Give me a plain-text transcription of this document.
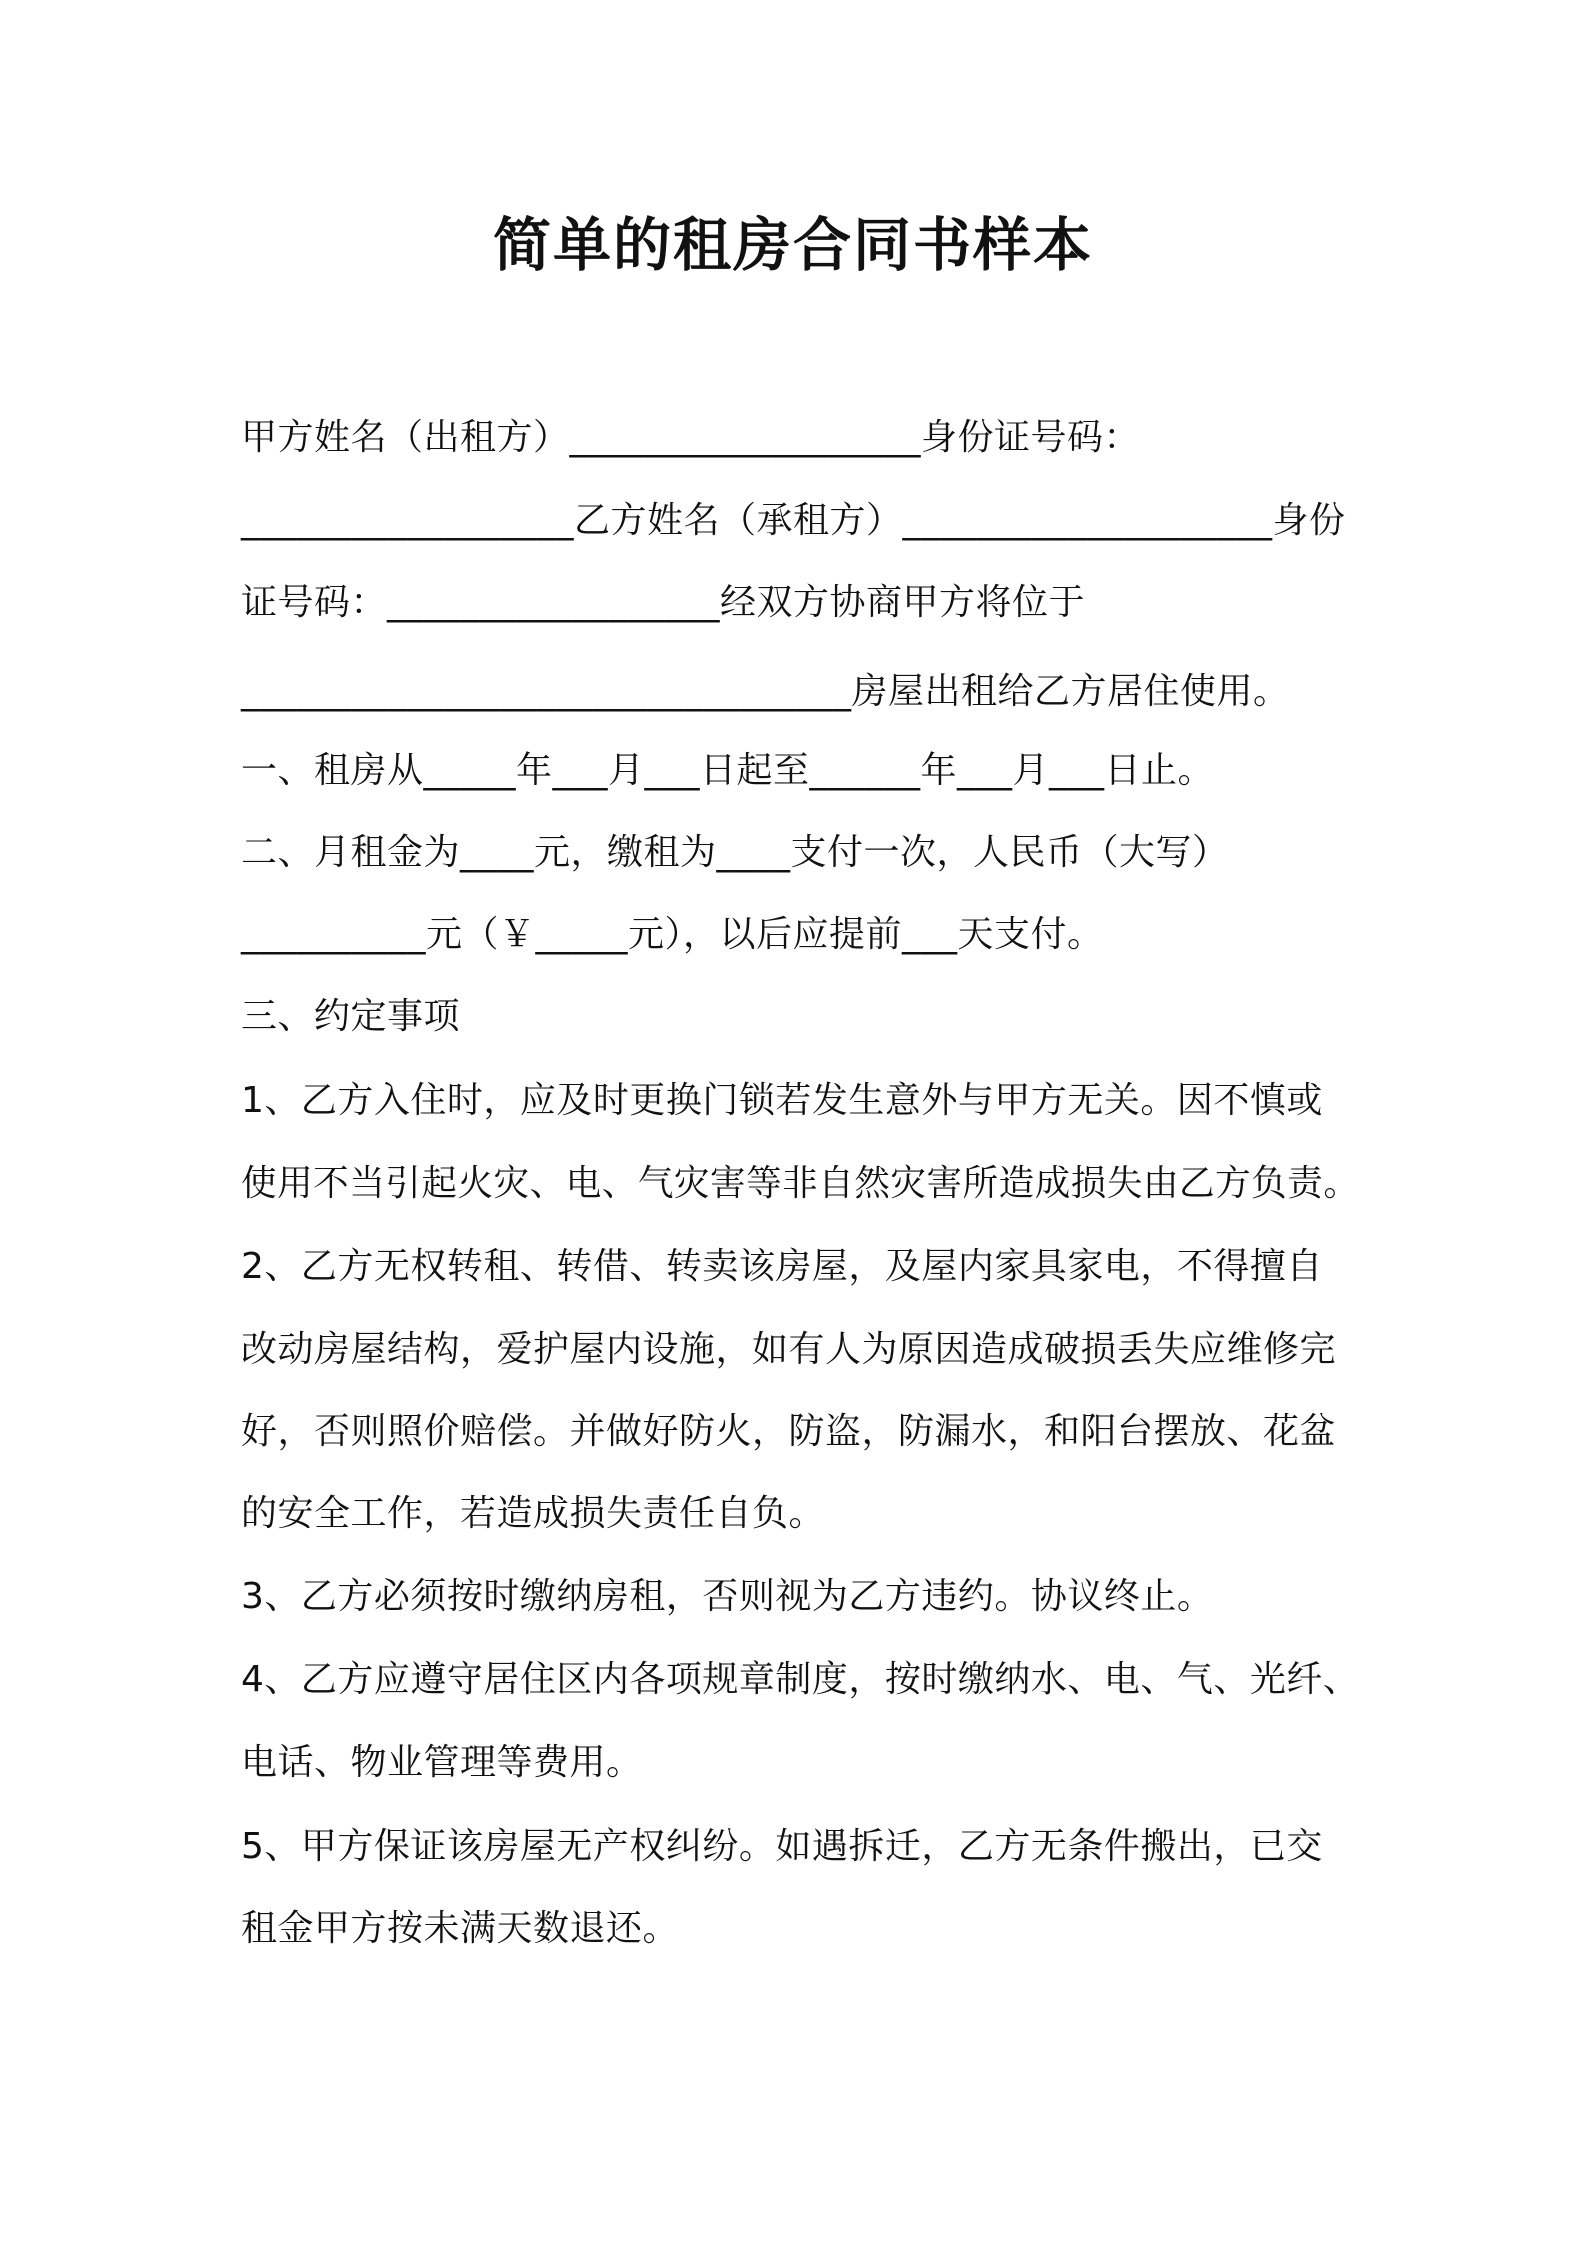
简单的租房合同书样本
甲方姓名（出租方）___________________身份证号码：
__________________乙方姓名（承租方）____________________身份
证号码：__________________经双方协商甲方将位于
_________________________________房屋出租给乙方居住使用。
一、租房从_____年___月___日起至______年___月___日止。
二、月租金为____元，缴租为____支付一次，人民币（大写）
__________元（￥_____元），以后应提前___天支付。
三、约定事项
1、乙方入住时，应及时更换门锁若发生意外与甲方无关。因不慎或
使用不当引起火灾、电、气灾害等非自然灾害所造成损失由乙方负责。
2、乙方无权转租、转借、转卖该房屋，及屋内家具家电，不得擅自
改动房屋结构，爱护屋内设施，如有人为原因造成破损丢失应维修完
好，否则照价赔偿。并做好防火，防盗，防漏水，和阳台摆放、花盆
的安全工作，若造成损失责任自负。
3、乙方必须按时缴纳房租，否则视为乙方违约。协议终止。
4、乙方应遵守居住区内各项规章制度，按时缴纳水、电、气、光纤、
电话、物业管理等费用。
5、甲方保证该房屋无产权纠纷。如遇拆迁，乙方无条件搬出，已交
租金甲方按未满天数退还。
